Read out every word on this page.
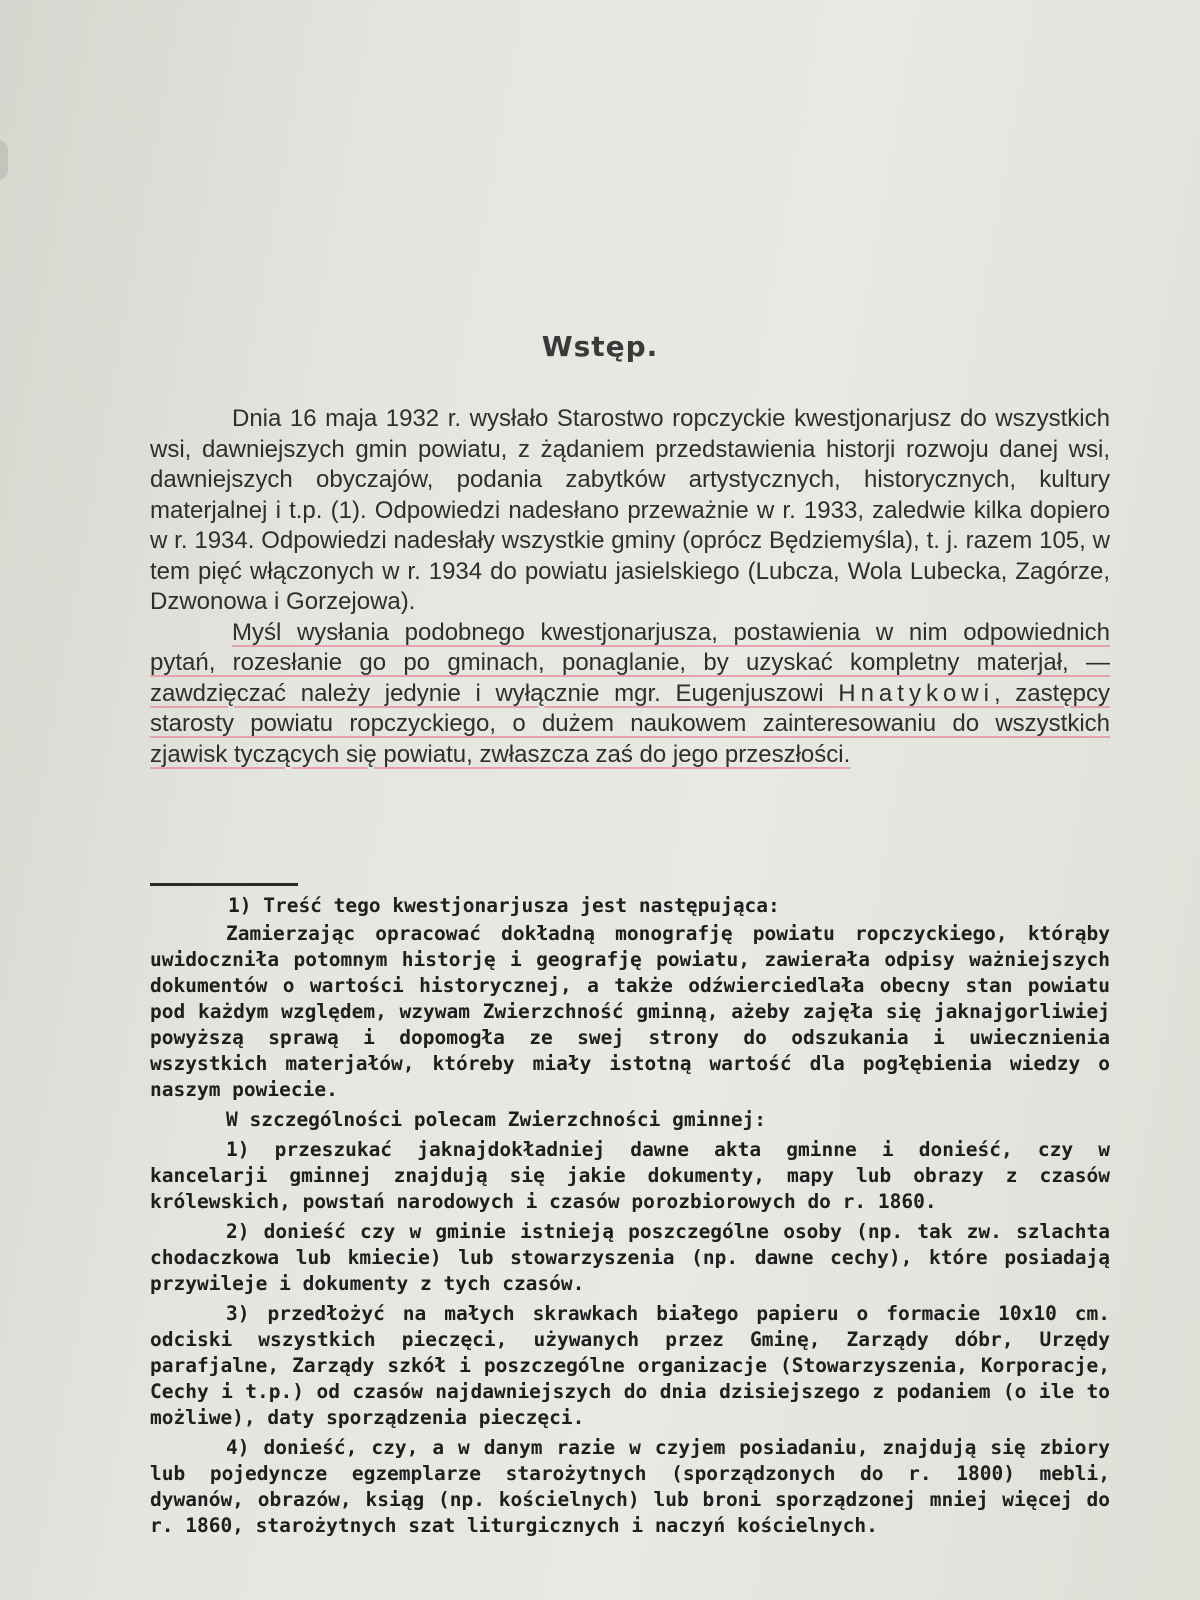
Wstęp.

Dnia 16 maja 1932 r. wysłało Starostwo ropczyckie kwestjonarjusz do wszystkich wsi, dawniejszych gmin powiatu, z żądaniem przedstawienia historji rozwoju danej wsi, dawniejszych obyczajów, podania zabytków artystycznych, historycznych, kultury materjalnej i t.p. (1). Odpowiedzi nadesłano przeważnie w r. 1933, zaledwie kilka dopiero w r. 1934. Odpowiedzi nadesłały wszystkie gminy (oprócz Będziemyśla), t. j. razem 105, w tem pięć włączonych w r. 1934 do powiatu jasielskiego (Lubcza, Wola Lubecka, Zagórze, Dzwonowa i Gorzejowa).

Myśl wysłania podobnego kwestjonarjusza, postawienia w nim odpowiednich pytań, rozesłanie go po gminach, ponaglanie, by uzyskać kompletny materjał, — zawdzięczać należy jedynie i wyłącznie mgr. Eugenjuszowi Hnatykowi, zastępcy starosty powiatu ropczyckiego, o dużem naukowem zainteresowaniu do wszystkich zjawisk tyczących się powiatu, zwłaszcza zaś do jego przeszłości.

1) Treść tego kwestjonarjusza jest następująca:

Zamierzając opracować dokładną monografję powiatu ropczyckiego, którąby uwidoczniła potomnym historję i geografję powiatu, zawierała odpisy ważniejszych dokumentów o wartości historycznej, a także odźwierciedlała obecny stan powiatu pod każdym względem, wzywam Zwierzchność gminną, ażeby zajęła się jaknajgorliwiej powyższą sprawą i dopomogła ze swej strony do odszukania i uwiecznienia wszystkich materjałów, któreby miały istotną wartość dla pogłębienia wiedzy o naszym powiecie.

W szczególności polecam Zwierzchności gminnej:

1) przeszukać jaknajdokładniej dawne akta gminne i donieść, czy w kancelarji gminnej znajdują się jakie dokumenty, mapy lub obrazy z czasów królewskich, powstań narodowych i czasów porozbiorowych do r. 1860.

2) donieść czy w gminie istnieją poszczególne osoby (np. tak zw. szlachta chodaczkowa lub kmiecie) lub stowarzyszenia (np. dawne cechy), które posiadają przywileje i dokumenty z tych czasów.

3) przedłożyć na małych skrawkach białego papieru o formacie 10x10 cm. odciski wszystkich pieczęci, używanych przez Gminę, Zarządy dóbr, Urzędy parafjalne, Zarządy szkół i poszczególne organizacje (Stowarzyszenia, Korporacje, Cechy i t.p.) od czasów najdawniejszych do dnia dzisiejszego z podaniem (o ile to możliwe), daty sporządzenia pieczęci.

4) donieść, czy, a w danym razie w czyjem posiadaniu, znajdują się zbiory lub pojedyncze egzemplarze starożytnych (sporządzonych do r. 1800) mebli, dywanów, obrazów, ksiąg (np. kościelnych) lub broni sporządzonej mniej więcej do r. 1860, starożytnych szat liturgicznych i naczyń kościelnych.
